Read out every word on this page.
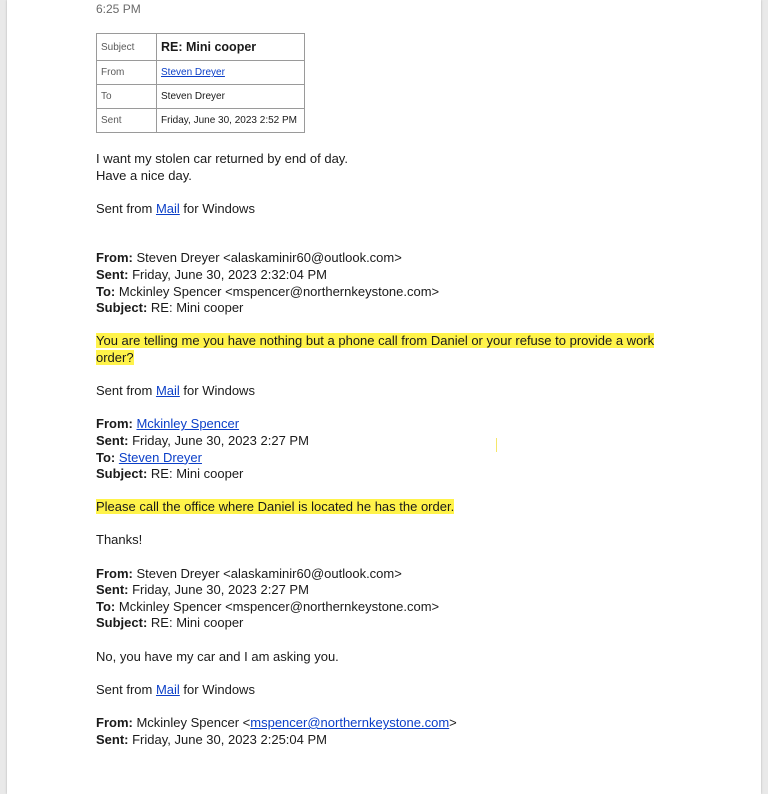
6:25 PM
Subject	RE: Mini cooper
From	Steven Dreyer
To	Steven Dreyer
Sent	Friday, June 30, 2023 2:52 PM

I want my stolen car returned by end of day.

Have a nice day.

Sent from Mail for Windows

From: Steven Dreyer <alaskaminir60@outlook.com>

Sent: Friday, June 30, 2023 2:32:04 PM

To: Mckinley Spencer <mspencer@northernkeystone.com>

Subject: RE: Mini cooper

You are telling me you have nothing but a phone call from Daniel or your refuse to provide a work order?

Sent from Mail for Windows

From: Mckinley Spencer

Sent: Friday, June 30, 2023 2:27 PM

To: Steven Dreyer

Subject: RE: Mini cooper

Please call the office where Daniel is located he has the order.

Thanks!

From: Steven Dreyer <alaskaminir60@outlook.com>

Sent: Friday, June 30, 2023 2:27 PM

To: Mckinley Spencer <mspencer@northernkeystone.com>

Subject: RE: Mini cooper

No, you have my car and I am asking you.

Sent from Mail for Windows

From: Mckinley Spencer <mspencer@northernkeystone.com>

Sent: Friday, June 30, 2023 2:25:04 PM
